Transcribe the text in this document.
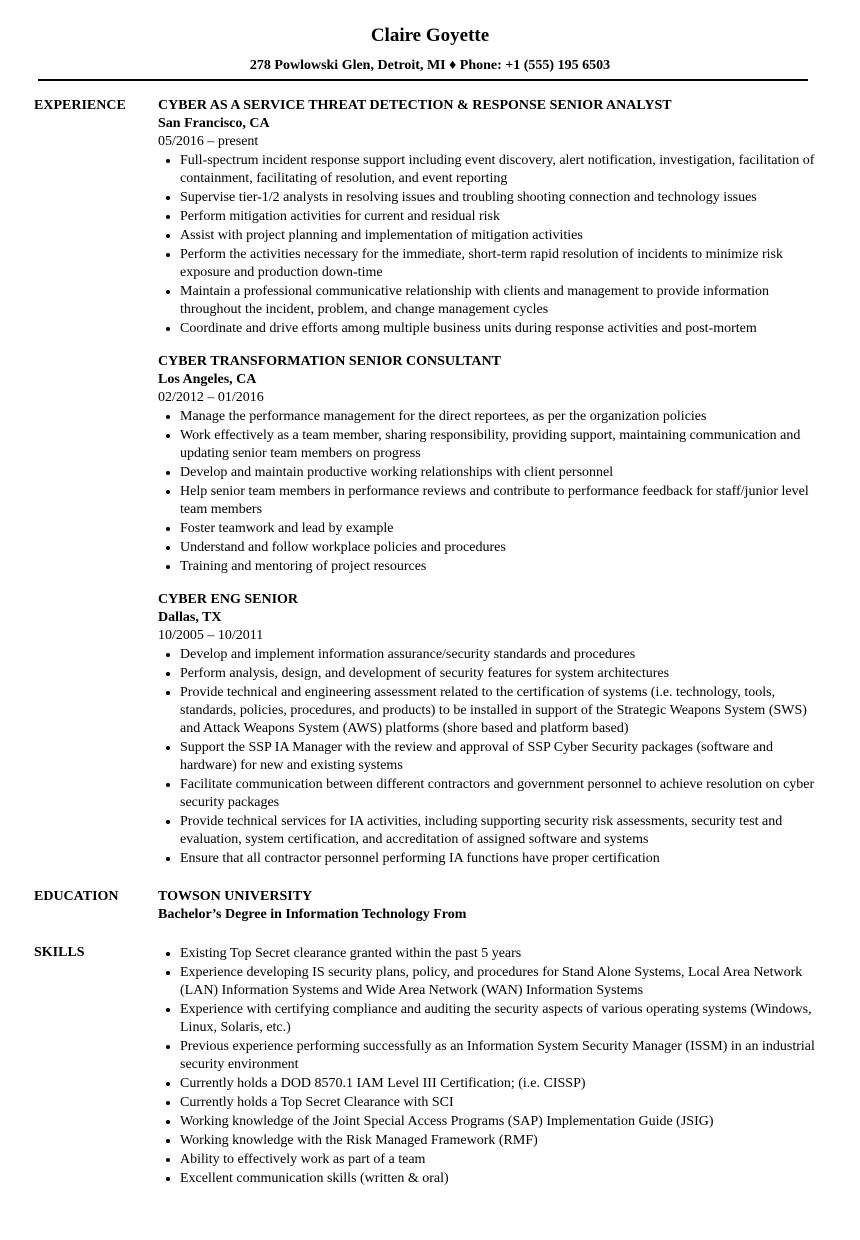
Claire Goyette
278 Powlowski Glen, Detroit, MI ♦ Phone: +1 (555) 195 6503
EXPERIENCE	CYBER AS A SERVICE THREAT DETECTION & RESPONSE SENIOR ANALYST
San Francisco, CA
05/2016 – present
• Full-spectrum incident response support including event discovery, alert notification, investigation, facilitation of containment, facilitating of resolution, and event reporting
• Supervise tier-1/2 analysts in resolving issues and troubling shooting connection and technology issues
• Perform mitigation activities for current and residual risk
• Assist with project planning and implementation of mitigation activities
• Perform the activities necessary for the immediate, short-term rapid resolution of incidents to minimize risk exposure and production down-time
• Maintain a professional communicative relationship with clients and management to provide information throughout the incident, problem, and change management cycles
• Coordinate and drive efforts among multiple business units during response activities and post-mortem
CYBER TRANSFORMATION SENIOR CONSULTANT
Los Angeles, CA
02/2012 – 01/2016
• Manage the performance management for the direct reportees, as per the organization policies
• Work effectively as a team member, sharing responsibility, providing support, maintaining communication and updating senior team members on progress
• Develop and maintain productive working relationships with client personnel
• Help senior team members in performance reviews and contribute to performance feedback for staff/junior level team members
• Foster teamwork and lead by example
• Understand and follow workplace policies and procedures
• Training and mentoring of project resources
CYBER ENG SENIOR
Dallas, TX
10/2005 – 10/2011
• Develop and implement information assurance/security standards and procedures
• Perform analysis, design, and development of security features for system architectures
• Provide technical and engineering assessment related to the certification of systems (i.e. technology, tools, standards, policies, procedures, and products) to be installed in support of the Strategic Weapons System (SWS) and Attack Weapons System (AWS) platforms (shore based and platform based)
• Support the SSP IA Manager with the review and approval of SSP Cyber Security packages (software and hardware) for new and existing systems
• Facilitate communication between different contractors and government personnel to achieve resolution on cyber security packages
• Provide technical services for IA activities, including supporting security risk assessments, security test and evaluation, system certification, and accreditation of assigned software and systems
• Ensure that all contractor personnel performing IA functions have proper certification
EDUCATION	TOWSON UNIVERSITY
Bachelor’s Degree in Information Technology From
SKILLS
•	Existing Top Secret clearance granted within the past 5 years
• Experience developing IS security plans, policy, and procedures for Stand Alone Systems, Local Area Network (LAN) Information Systems and Wide Area Network (WAN) Information Systems
• Experience with certifying compliance and auditing the security aspects of various operating systems (Windows, Linux, Solaris, etc.)
• Previous experience performing successfully as an Information System Security Manager (ISSM) in an industrial security environment
• Currently holds a DOD 8570.1 IAM Level III Certification; (i.e. CISSP)
• Currently holds a Top Secret Clearance with SCI
• Working knowledge of the Joint Special Access Programs (SAP) Implementation Guide (JSIG)
• Working knowledge with the Risk Managed Framework (RMF)
• Ability to effectively work as part of a team
• Excellent communication skills (written & oral)
